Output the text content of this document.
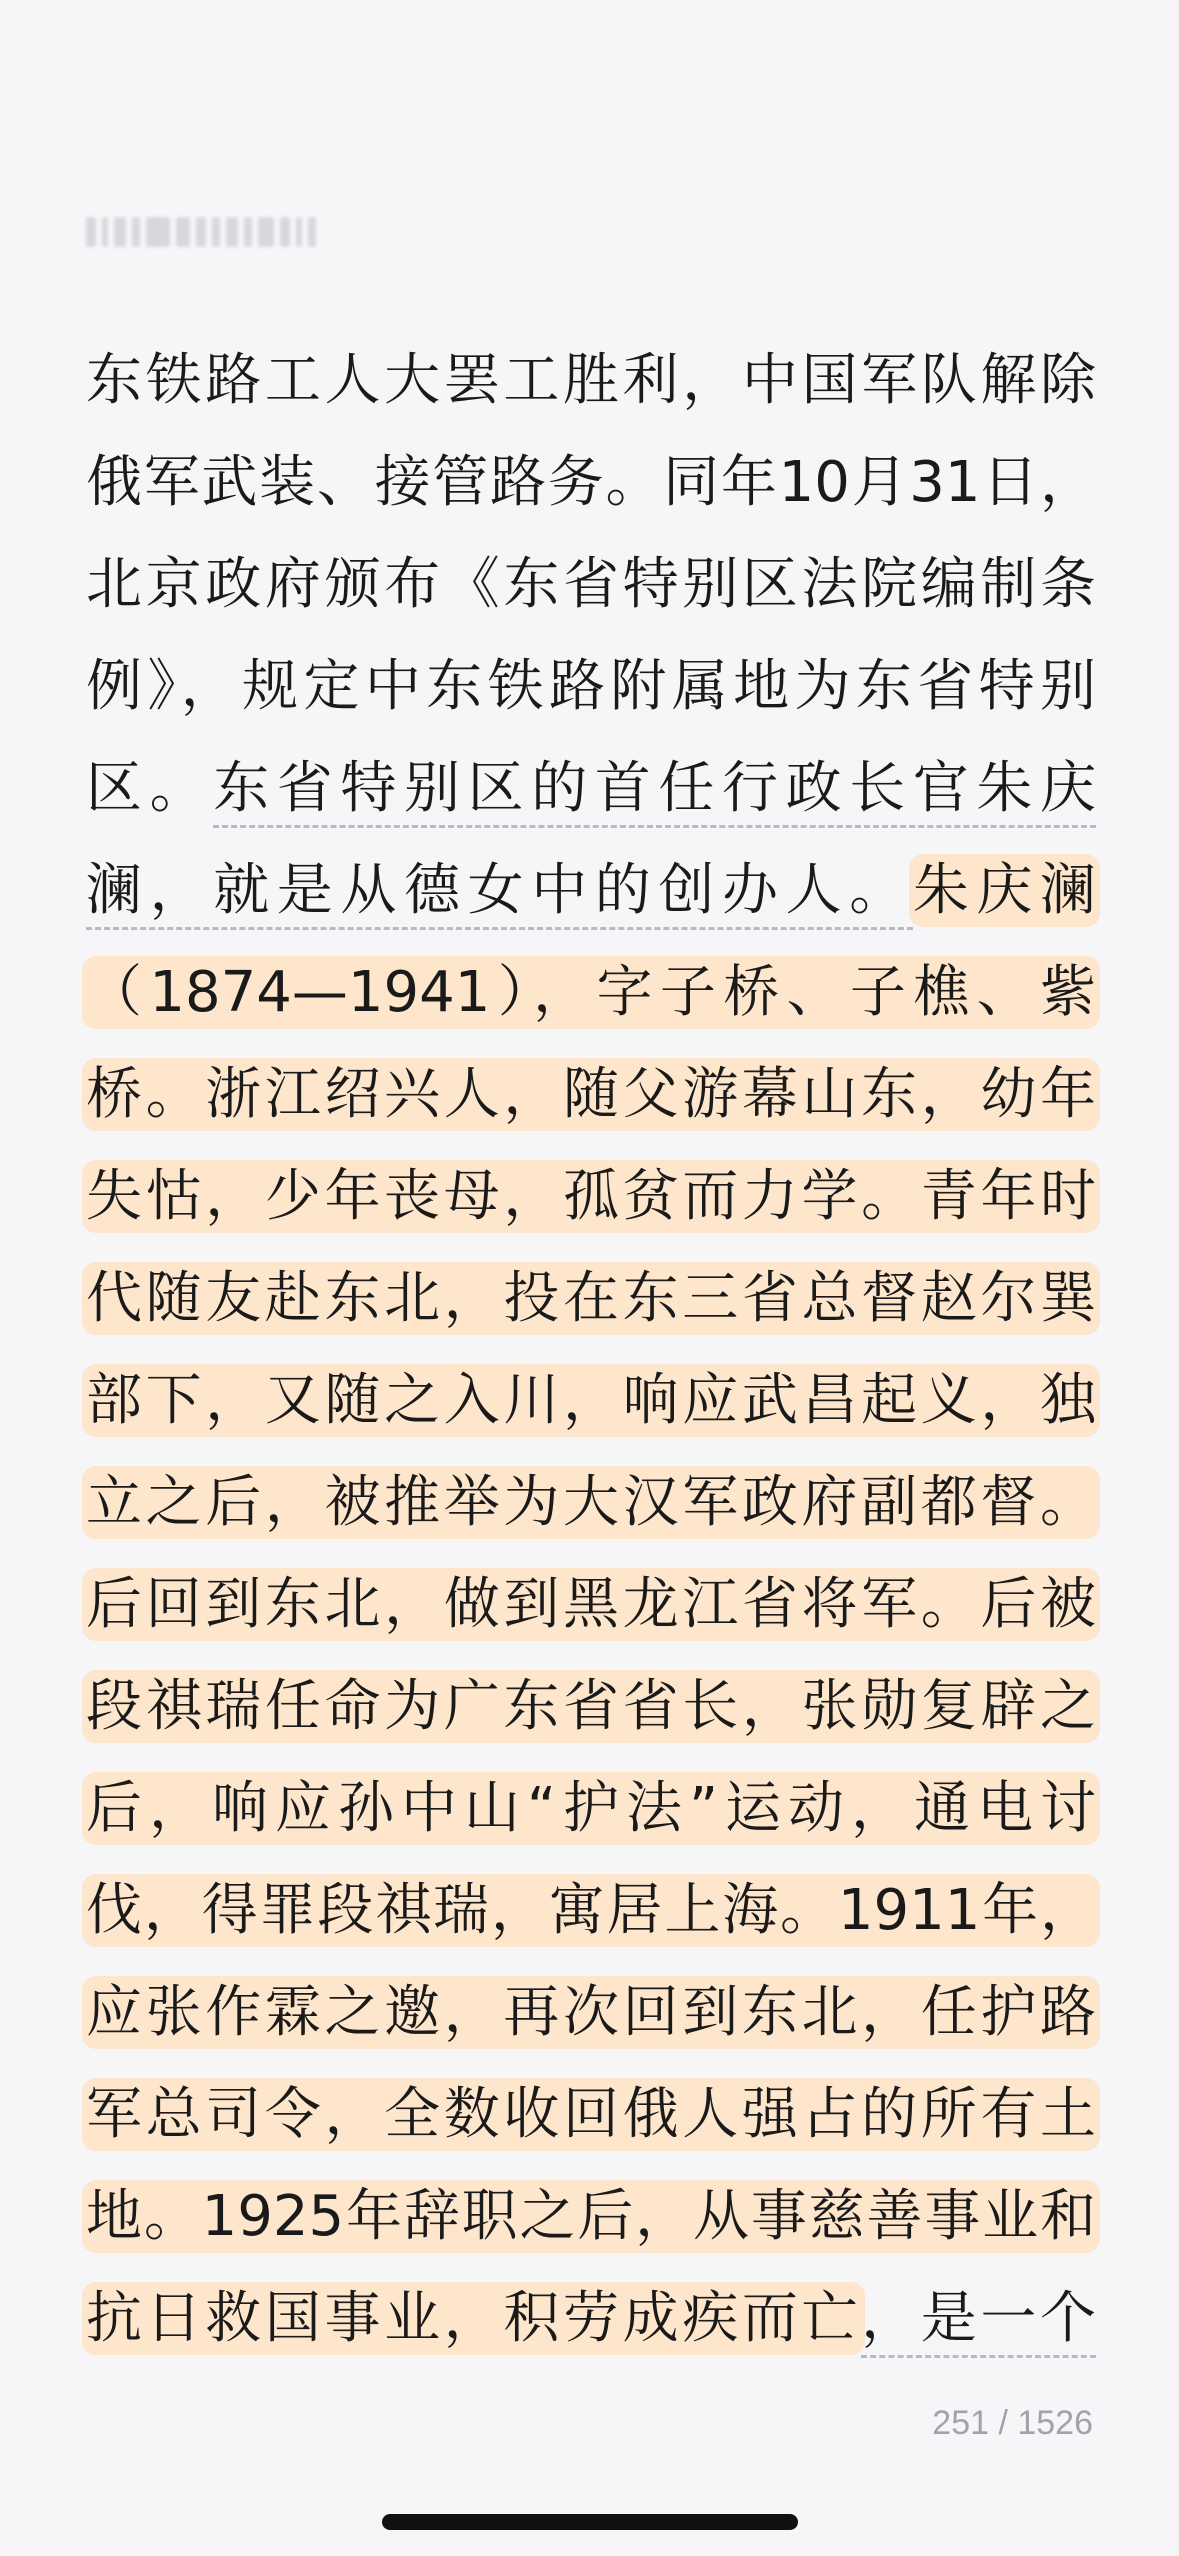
东铁路工人大罢工胜利，中国军队解除
俄军武装、接管路务。同年10月31日，
北京政府颁布《东省特别区法院编制条
例》，规定中东铁路附属地为东省特别
区。东省特别区的首任行政长官朱庆
澜，就是从德女中的创办人。朱庆澜
（1874—1941），字子桥、子樵、紫
桥。浙江绍兴人，随父游幕山东，幼年
失怙，少年丧母，孤贫而力学。青年时
代随友赴东北，投在东三省总督赵尔巽
部下，又随之入川，响应武昌起义，独
立之后，被推举为大汉军政府副都督。
后回到东北，做到黑龙江省将军。后被
段祺瑞任命为广东省省长，张勋复辟之
后，响应孙中山“护法”运动，通电讨
伐，得罪段祺瑞，寓居上海。1911年，
应张作霖之邀，再次回到东北，任护路
军总司令，全数收回俄人强占的所有土
地。1925年辞职之后，从事慈善事业和
抗日救国事业，积劳成疾而亡，是一个
251 / 1526
